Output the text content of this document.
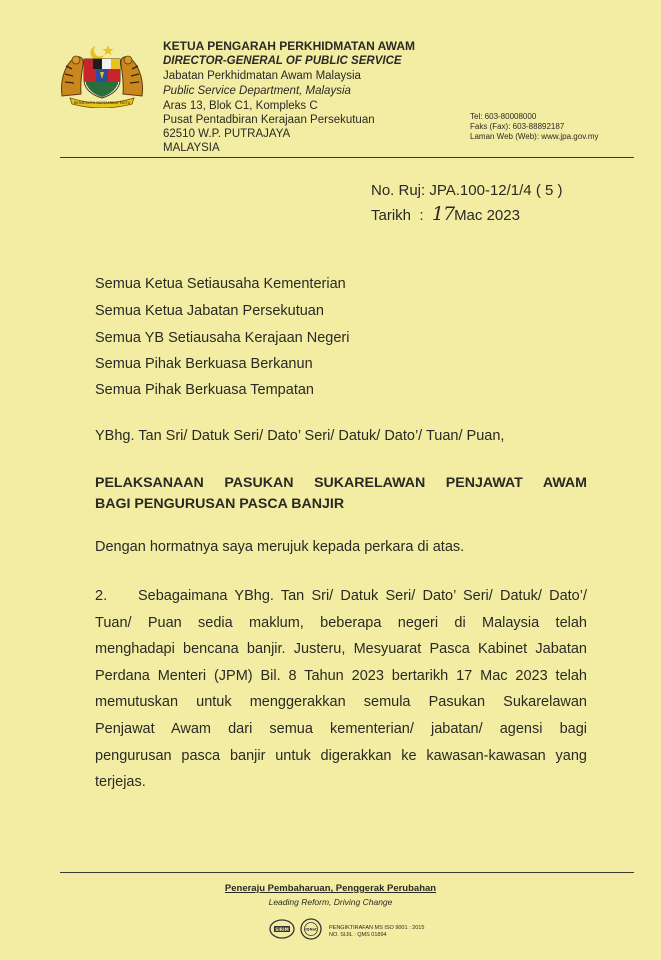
BERSEKUTU BERTAMBAH MUTU
KETUA PENGARAH PERKHIDMATAN AWAM
DIRECTOR-GENERAL OF PUBLIC SERVICE
Jabatan Perkhidmatan Awam Malaysia
Public Service Department, Malaysia
Aras 13, Blok C1, Kompleks C
Pusat Pentadbiran Kerajaan Persekutuan
62510 W.P. PUTRAJAYA
MALAYSIA
Tel: 603-80008000
Faks (Fax): 603-88892187
Laman Web (Web): www.jpa.gov.my
No. Ruj: JPA.100-12/1/4 ( 5 )
Tarikh : 17Mac 2023
Semua Ketua Setiausaha Kementerian
Semua Ketua Jabatan Persekutuan
Semua YB Setiausaha Kerajaan Negeri
Semua Pihak Berkuasa Berkanun
Semua Pihak Berkuasa Tempatan
YBhg. Tan Sri/ Datuk Seri/ Dato’ Seri/ Datuk/ Dato’/ Tuan/ Puan,
PELAKSANAAN PASUKAN SUKARELAWAN PENJAWAT AWAM
BAGI PENGURUSAN PASCA BANJIR
Dengan hormatnya saya merujuk kepada perkara di atas.
2. Sebagaimana YBhg. Tan Sri/ Datuk Seri/ Dato’ Seri/ Datuk/ Dato’/
Tuan/ Puan sedia maklum, beberapa negeri di Malaysia telah
menghadapi bencana banjir. Justeru, Mesyuarat Pasca Kabinet Jabatan
Perdana Menteri (JPM) Bil. 8 Tahun 2023 bertarikh 17 Mac 2023 telah
memutuskan untuk menggerakkan semula Pasukan Sukarelawan
Penjawat Awam dari semua kementerian/ jabatan/ agensi bagi
pengurusan pasca banjir untuk digerakkan ke kawasan-kawasan yang
terjejas.
Peneraju Pembaharuan, Penggerak Perubahan
Leading Reform, Driving Change
SIRIM	IQNet PENGIKTIRAFAN MS ISO 9001 : 2015
NO. SIJIL : QMS 01894
